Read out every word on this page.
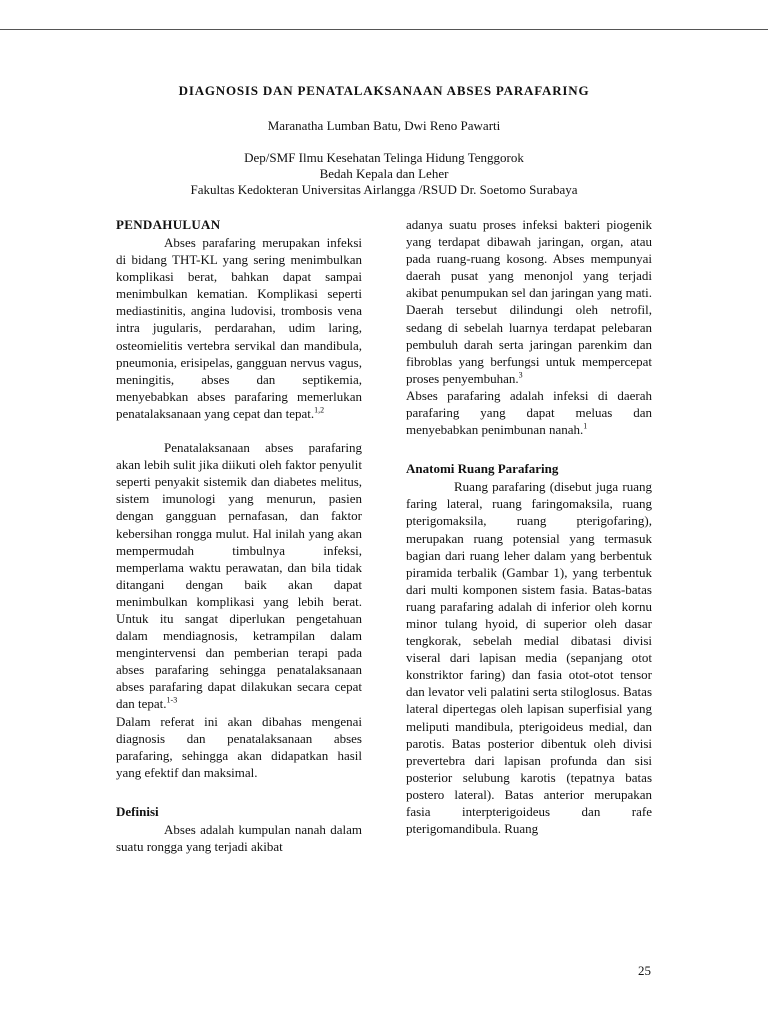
DIAGNOSIS DAN PENATALAKSANAAN ABSES PARAFARING
Maranatha Lumban Batu, Dwi Reno Pawarti
Dep/SMF Ilmu Kesehatan Telinga Hidung Tenggorok
Bedah Kepala dan Leher
Fakultas Kedokteran Universitas Airlangga /RSUD Dr. Soetomo Surabaya
PENDAHULUAN

Abses parafaring merupakan infeksi di bidang THT-KL yang sering menimbulkan komplikasi berat, bahkan dapat sampai menimbulkan kematian. Komplikasi seperti mediastinitis, angina ludovisi, trombosis vena intra jugularis, perdarahan, udim laring, osteomielitis vertebra servikal dan mandibula, pneumonia, erisipelas, gangguan nervus vagus, meningitis, abses dan septikemia, menyebabkan abses parafaring memerlukan penatalaksanaan yang cepat dan tepat.$^{1,2}$

Penatalaksanaan abses parafaring akan lebih sulit jika diikuti oleh faktor penyulit seperti penyakit sistemik dan diabetes melitus, sistem imunologi yang menurun, pasien dengan gangguan pernafasan, dan faktor kebersihan rongga mulut. Hal inilah yang akan mempermudah timbulnya infeksi, memperlama waktu perawatan, dan bila tidak ditangani dengan baik akan dapat menimbulkan komplikasi yang lebih berat. Untuk itu sangat diperlukan pengetahuan dalam mendiagnosis, ketrampilan dalam mengintervensi dan pemberian terapi pada abses parafaring sehingga penatalaksanaan abses parafaring dapat dilakukan secara cepat dan tepat.$^{1-3}$

Dalam referat ini akan dibahas mengenai diagnosis dan penatalaksanaan abses parafaring, sehingga akan didapatkan hasil yang efektif dan maksimal.

Definisi

Abses adalah kumpulan nanah dalam suatu rongga yang terjadi akibat

adanya suatu proses infeksi bakteri piogenik yang terdapat dibawah jaringan, organ, atau pada ruang-ruang kosong. Abses mempunyai daerah pusat yang menonjol yang terjadi akibat penumpukan sel dan jaringan yang mati. Daerah tersebut dilindungi oleh netrofil, sedang di sebelah luarnya terdapat pelebaran pembuluh darah serta jaringan parenkim dan fibroblas yang berfungsi untuk mempercepat proses penyembuhan.$^3$

Abses parafaring adalah infeksi di daerah parafaring yang dapat meluas dan menyebabkan penimbunan nanah.$^1$

Anatomi Ruang Parafaring

Ruang parafaring (disebut juga ruang faring lateral, ruang faringomaksila, ruang pterigomaksila, ruang pterigofaring), merupakan ruang potensial yang termasuk bagian dari ruang leher dalam yang berbentuk piramida terbalik (Gambar 1), yang terbentuk dari multi komponen sistem fasia. Batas-batas ruang parafaring adalah di inferior oleh kornu minor tulang hyoid, di superior oleh dasar tengkorak, sebelah medial dibatasi divisi viseral dari lapisan media (sepanjang otot konstriktor faring) dan fasia otot-otot tensor dan levator veli palatini serta stiloglosus. Batas lateral dipertegas oleh lapisan superfisial yang meliputi mandibula, pterigoideus medial, dan parotis. Batas posterior dibentuk oleh divisi prevertebra dari lapisan profunda dan sisi posterior selubung karotis (tepatnya batas postero lateral). Batas anterior merupakan fasia interpterigoideus dan rafe pterigomandibula. Ruang

25
